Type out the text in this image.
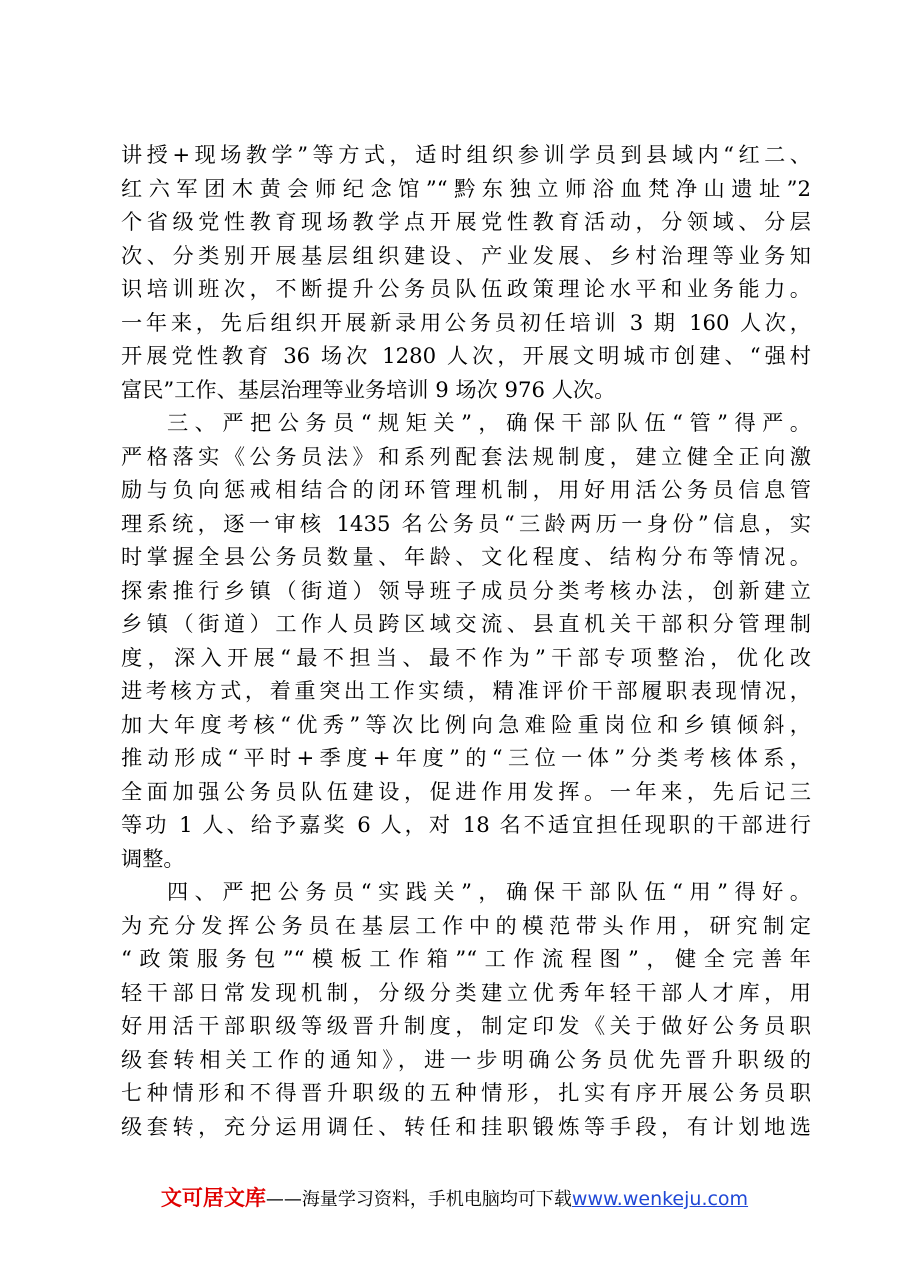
讲授+现场教学”等方式，适时组织参训学员到县域内“红二、
红六军团木黄会师纪念馆”“黔东独立师浴血梵净山遗址”2
个省级党性教育现场教学点开展党性教育活动，分领域、分层
次、分类别开展基层组织建设、产业发展、乡村治理等业务知
识培训班次，不断提升公务员队伍政策理论水平和业务能力。
一年来，先后组织开展新录用公务员初任培训 3 期 160 人次，
开展党性教育 36 场次 1280 人次，开展文明城市创建、“强村
富民”工作、基层治理等业务培训 9 场次 976 人次。
三、严把公务员“规矩关”，确保干部队伍“管”得严。
严格落实《公务员法》和系列配套法规制度，建立健全正向激
励与负向惩戒相结合的闭环管理机制，用好用活公务员信息管
理系统，逐一审核 1435 名公务员“三龄两历一身份”信息，实
时掌握全县公务员数量、年龄、文化程度、结构分布等情况。
探索推行乡镇（街道）领导班子成员分类考核办法，创新建立
乡镇（街道）工作人员跨区域交流、县直机关干部积分管理制
度，深入开展“最不担当、最不作为”干部专项整治，优化改
进考核方式，着重突出工作实绩，精准评价干部履职表现情况，
加大年度考核“优秀”等次比例向急难险重岗位和乡镇倾斜，
推动形成“平时+季度+年度”的“三位一体”分类考核体系，
全面加强公务员队伍建设，促进作用发挥。一年来，先后记三
等功 1 人、给予嘉奖 6 人，对 18 名不适宜担任现职的干部进行
调整。
四、严把公务员“实践关”，确保干部队伍“用”得好。
为充分发挥公务员在基层工作中的模范带头作用，研究制定
“政策服务包”“模板工作箱”“工作流程图”，健全完善年
轻干部日常发现机制，分级分类建立优秀年轻干部人才库，用
好用活干部职级等级晋升制度，制定印发《关于做好公务员职
级套转相关工作的通知》，进一步明确公务员优先晋升职级的
七种情形和不得晋升职级的五种情形，扎实有序开展公务员职
级套转，充分运用调任、转任和挂职锻炼等手段，有计划地选
文可居文库——海量学习资料，手机电脑均可下载www.wenkeju.com
